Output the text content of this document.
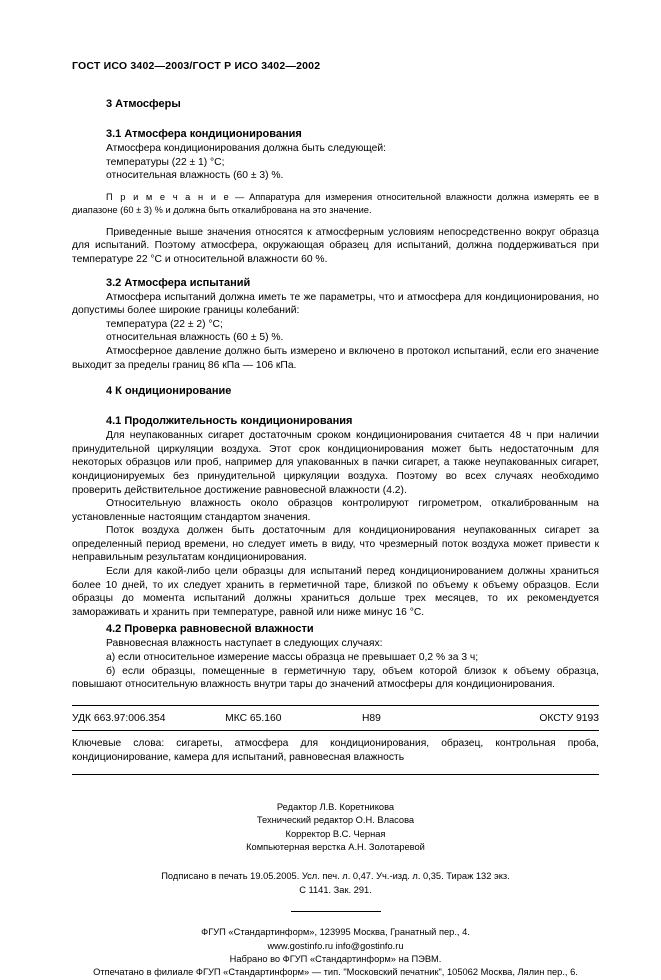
ГОСТ ИСО 3402—2003/ГОСТ Р ИСО 3402—2002
3 Атмосферы
3.1 Атмосфера кондиционирования

Атмосфера кондиционирования должна быть следующей:

температуры (22 ± 1) °С;

относительная влажность (60 ± 3) %.

П р и м е ч а н и е — Аппаратура для измерения относительной влажности должна измерять ее в диапазоне (60 ± 3) % и должна быть откалибрована на это значение.

Приведенные выше значения относятся к атмосферным условиям непосредственно вокруг образца для испытаний. Поэтому атмосфера, окружающая образец для испытаний, должна поддерживаться при температуре 22 °С и относительной влажности 60 %.

3.2 Атмосфера испытаний

Атмосфера испытаний должна иметь те же параметры, что и атмосфера для кондиционирования, но допустимы более широкие границы колебаний:

температура (22 ± 2) °С;

относительная влажность (60 ± 5) %.

Атмосферное давление должно быть измерено и включено в протокол испытаний, если его значение выходит за пределы границ 86 кПа — 106 кПа.

4 К ондиционирование
4.1 Продолжительность кондиционирования

Для неупакованных сигарет достаточным сроком кондиционирования считается 48 ч при наличии принудительной циркуляции воздуха. Этот срок кондиционирования может быть недостаточным для некоторых образцов или проб, например для упакованных в пачки сигарет, а также неупакованных сигарет, кондиционируемых без принудительной циркуляции воздуха. Поэтому во всех случаях необходимо проверить действительное достижение равновесной влажности (4.2).

Относительную влажность около образцов контролируют гигрометром, откалиброванным на установленные настоящим стандартом значения.

Поток воздуха должен быть достаточным для кондиционирования неупакованных сигарет за определенный период времени, но следует иметь в виду, что чрезмерный поток воздуха может привести к неправильным результатам кондиционирования.

Если для какой-либо цели образцы для испытаний перед кондиционированием должны храниться более 10 дней, то их следует хранить в герметичной таре, близкой по объему к объему образцов. Если образцы до момента испытаний должны храниться дольше трех месяцев, то их рекомендуется замораживать и хранить при температуре, равной или ниже минус 16 °С.

4.2 Проверка равновесной влажности

Равновесная влажность наступает в следующих случаях:

а) если относительное измерение массы образца не превышает 0,2 % за 3 ч;

б) если образцы, помещенные в герметичную тару, объем которой близок к объему образца, повышают относительную влажность внутри тары до значений атмосферы для кондиционирования.

УДК 663.97:006.354	МКС 65.160	Н89	ОКСТУ 9193
Ключевые слова: сигареты, атмосфера для кондиционирования, образец, контрольная проба, кондиционирование, камера для испытаний, равновесная влажность
Редактор Л.В. Коретникова
Технический редактор О.Н. Власова
Корректор В.С. Черная
Компьютерная верстка А.Н. Золотаревой
Подписано в печать 19.05.2005. Усл. печ. л. 0,47. Уч.-изд. л. 0,35. Тираж 132 экз.
С 1141. Зак. 291.
ФГУП «Стандартинформ», 123995 Москва, Гранатный пер., 4.
www.gostinfo.ru info@gostinfo.ru
Набрано во ФГУП «Стандартинформ» на ПЭВМ.
Отпечатано в филиале ФГУП «Стандартинформ» — тип. "Московский печатник", 105062 Москва, Лялин пер., 6.
